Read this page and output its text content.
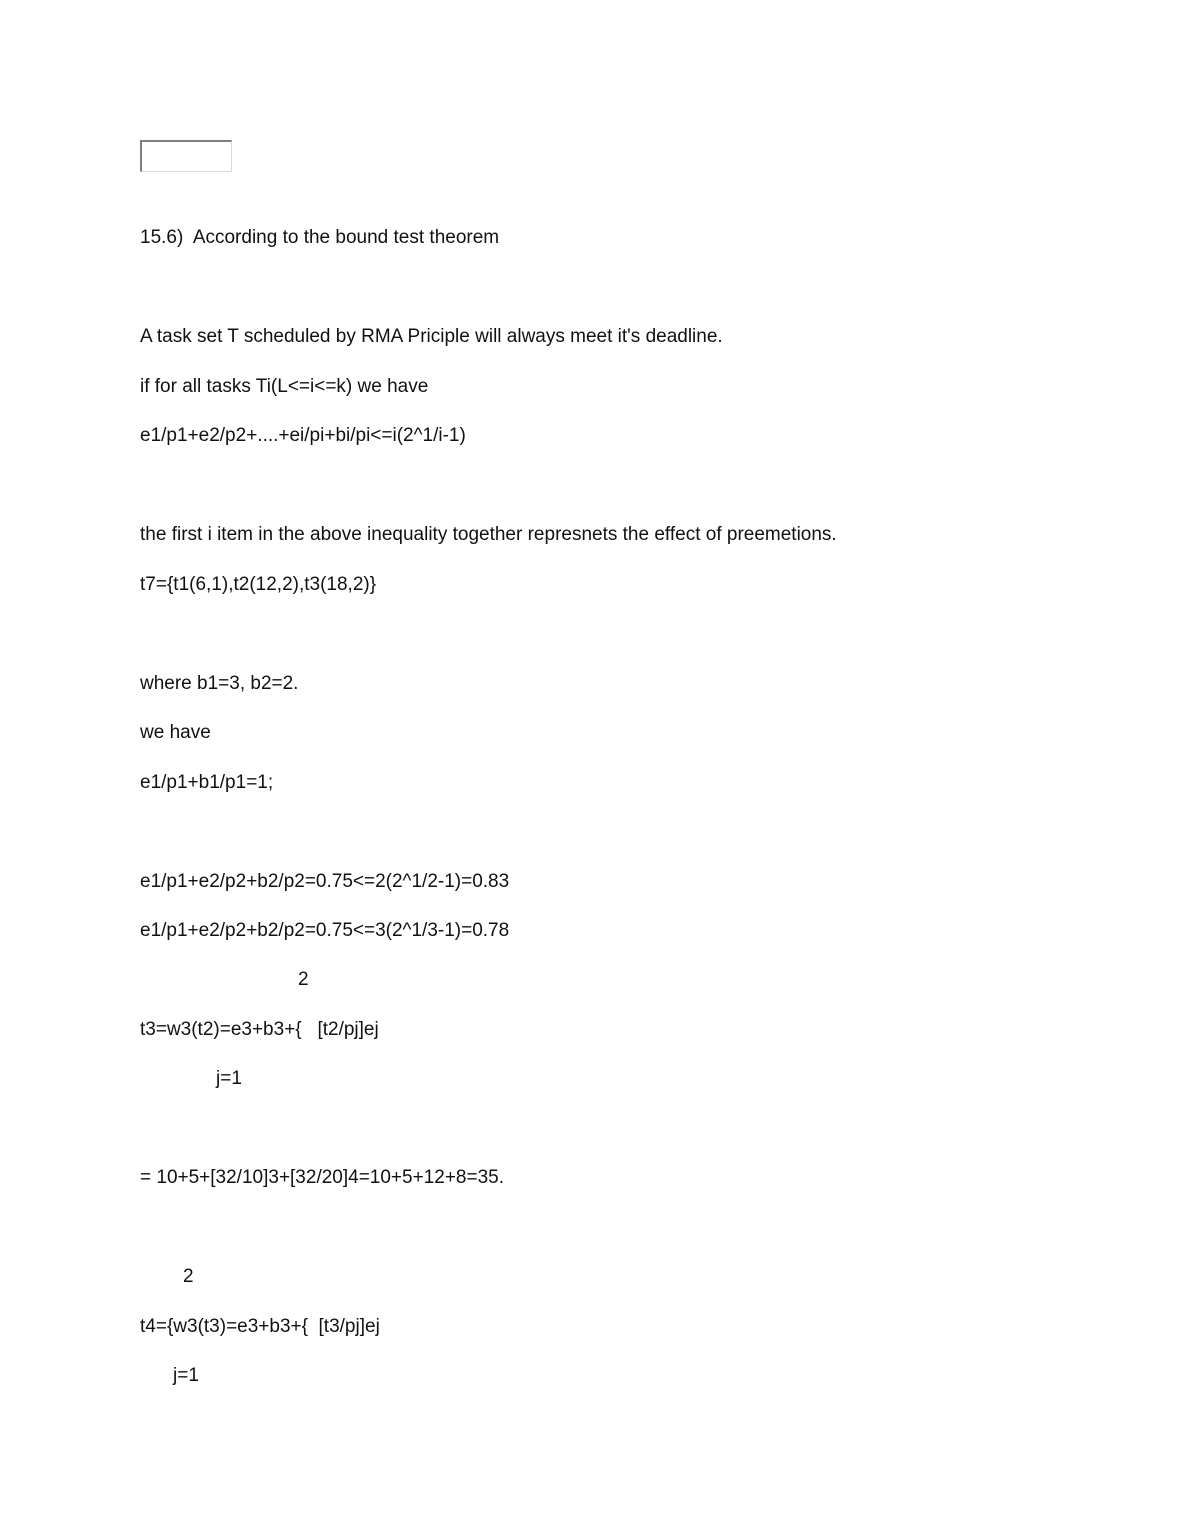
15.6)  According to the bound test theorem
A task set T scheduled by RMA Priciple will always meet it's deadline.
if for all tasks Ti(L<=i<=k) we have
e1/p1+e2/p2+....+ei/pi+bi/pi<=i(2^1/i-1)
the first i item in the above inequality together represnets the effect of preemetions.
t7={t1(6,1),t2(12,2),t3(18,2)}
where b1=3, b2=2.
we have
e1/p1+b1/p1=1;
e1/p1+e2/p2+b2/p2=0.75<=2(2^1/2-1)=0.83
e1/p1+e2/p2+b2/p2=0.75<=3(2^1/3-1)=0.78
2
t3=w3(t2)=e3+b3+{   [t2/pj]ej
j=1
= 10+5+[32/10]3+[32/20]4=10+5+12+8=35.
2
t4={w3(t3)=e3+b3+{  [t3/pj]ej
j=1
